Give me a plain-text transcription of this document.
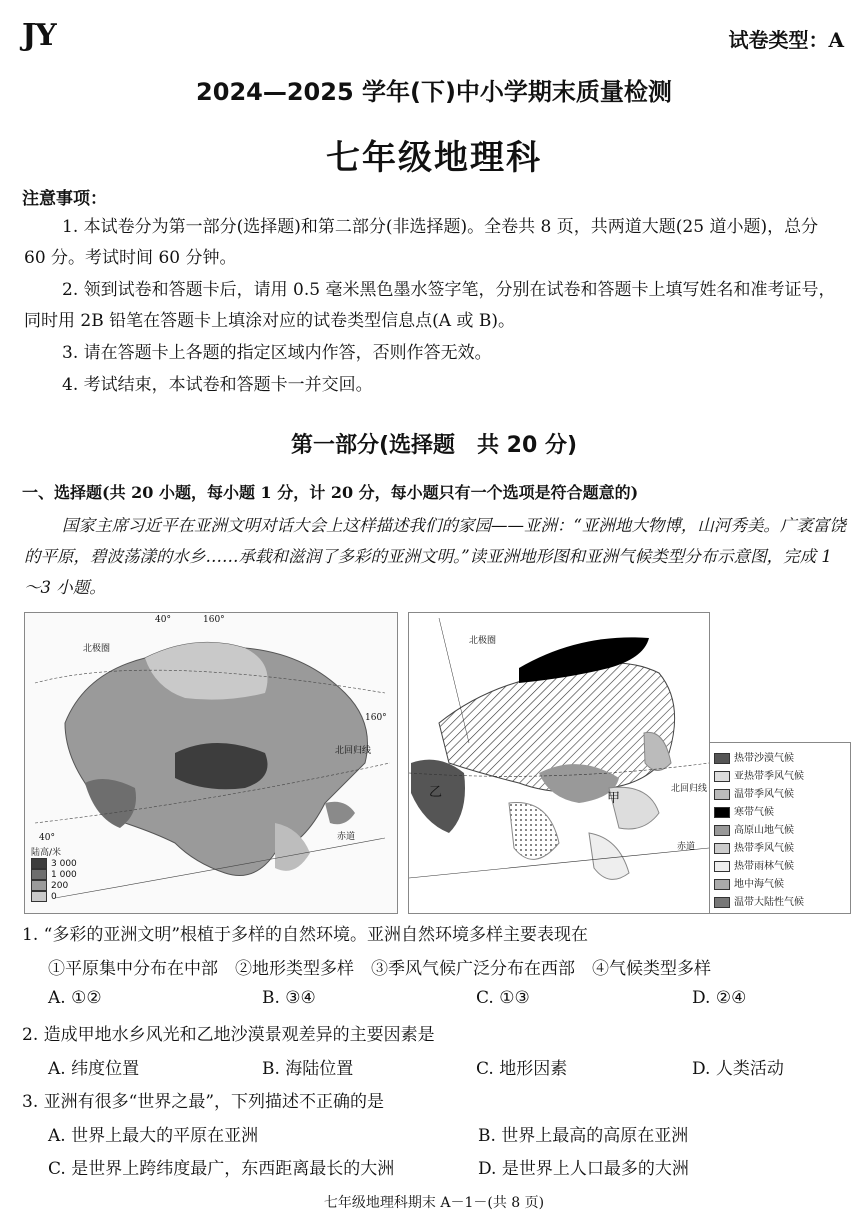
JY	试卷类型：A
2024—2025 学年(下)中小学期末质量检测
七年级地理科
注意事项：
1. 本试卷分为第一部分(选择题)和第二部分(非选择题)。全卷共 8 页，共两道大题(25 道小题)，总分 60 分。考试时间 60 分钟。
2. 领到试卷和答题卡后，请用 0.5 毫米黑色墨水签字笔，分别在试卷和答题卡上填写姓名和准考证号，同时用 2B 铅笔在答题卡上填涂对应的试卷类型信息点(A 或 B)。
3. 请在答题卡上各题的指定区域内作答，否则作答无效。
4. 考试结束，本试卷和答题卡一并交回。
第一部分(选择题　共 20 分)
一、选择题(共 20 小题，每小题 1 分，计 20 分，每小题只有一个选项是符合题意的)
国家主席习近平在亚洲文明对话大会上这样描述我们的家园——亚洲：“亚洲地大物博，山河秀美。广袤富饶的平原，碧波荡漾的水乡……承载和滋润了多彩的亚洲文明。”读亚洲地形图和亚洲气候类型分布示意图，完成 1～3 小题。
40°	160°
160°
40°
北极圈
北回归线
赤道
陆高/米
3 000
1 000
200
0
北极圈
北回归线
赤道
甲
乙
热带沙漠气候
亚热带季风气候
温带季风气候
寒带气候
高原山地气候
热带季风气候
热带雨林气候
地中海气候
温带大陆性气候
1. “多彩的亚洲文明”根植于多样的自然环境。亚洲自然环境多样主要表现在
①平原集中分布在中部　②地形类型多样　③季风气候广泛分布在西部　④气候类型多样
A. ①②	B. ③④	C. ①③	D. ②④
2. 造成甲地水乡风光和乙地沙漠景观差异的主要因素是
A. 纬度位置	B. 海陆位置	C. 地形因素	D. 人类活动
3. 亚洲有很多“世界之最”，下列描述不正确的是
A. 世界上最大的平原在亚洲	B. 世界上最高的高原在亚洲
C. 是世界上跨纬度最广，东西距离最长的大洲	D. 是世界上人口最多的大洲
七年级地理科期末 A－1－(共 8 页)
